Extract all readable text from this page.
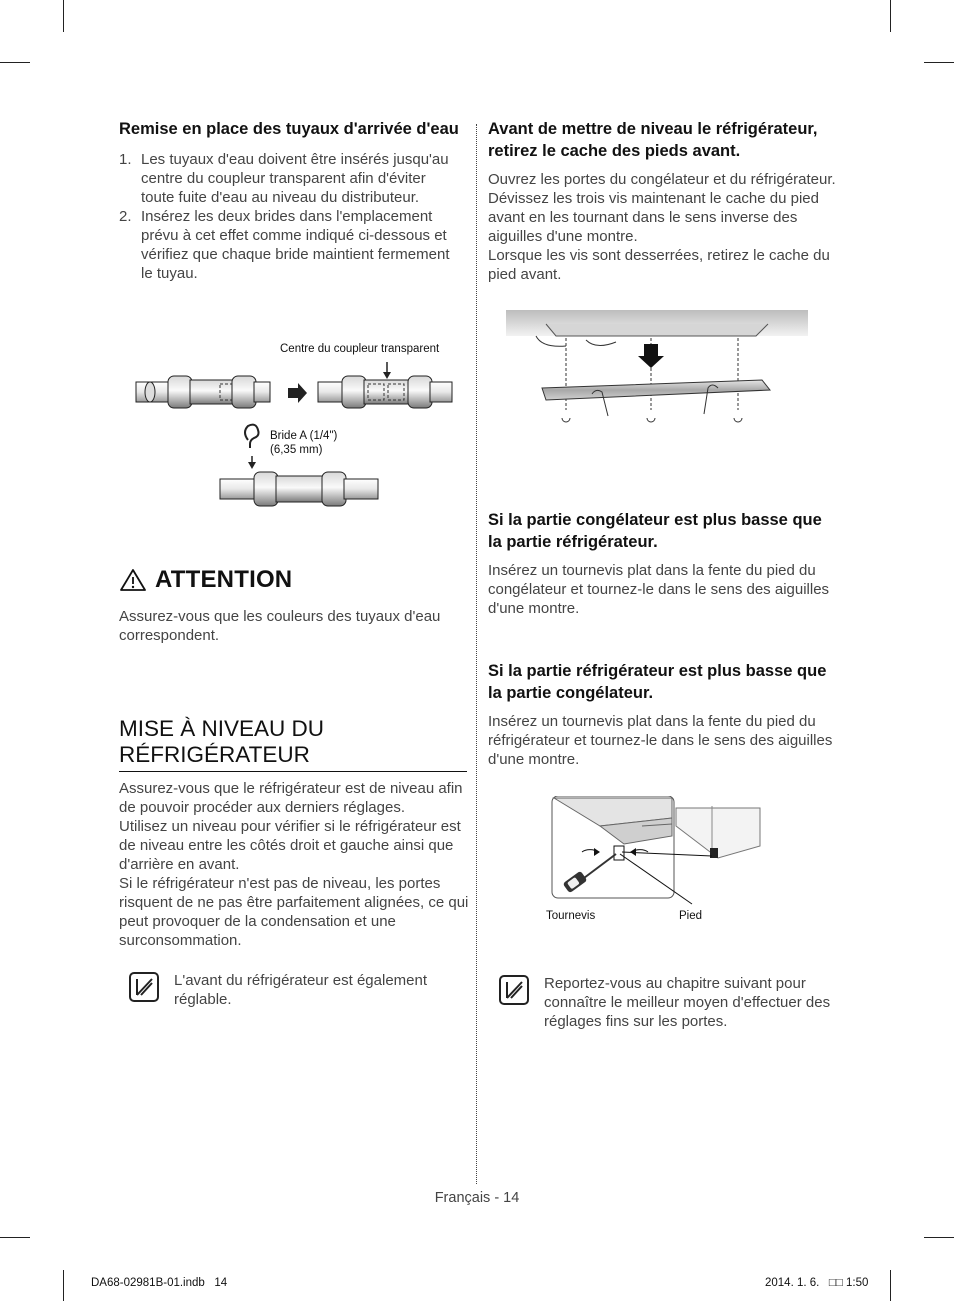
Remise en place des tuyaux d'arrivée d'eau
1. Les tuyaux d'eau doivent être insérés jusqu'au centre du coupleur transparent afin d'éviter toute fuite d'eau au niveau du distributeur.
2. Insérez les deux brides dans l'emplacement prévu à cet effet comme indiqué ci-dessous et vérifiez que chaque bride maintient fermement le tuyau.
Centre du coupleur transparent
Bride A (1/4")
(6,35 mm)
ATTENTION

Assurez-vous que les couleurs des tuyaux d'eau correspondent.

MISE À NIVEAU DU RÉFRIGÉRATEUR

Assurez-vous que le réfrigérateur est de niveau afin de pouvoir procéder aux derniers réglages.

Utilisez un niveau pour vérifier si le réfrigérateur est de niveau entre les côtés droit et gauche ainsi que d'arrière en avant.

Si le réfrigérateur n'est pas de niveau, les portes risquent de ne pas être parfaitement alignées, ce qui peut provoquer de la condensation et une surconsommation.

L'avant du réfrigérateur est également réglable.

Avant de mettre de niveau le réfrigérateur, retirez le cache des pieds avant.

Ouvrez les portes du congélateur et du réfrigérateur. Dévissez les trois vis maintenant le cache du pied avant en les tournant dans le sens inverse des aiguilles d'une montre.

Lorsque les vis sont desserrées, retirez le cache du pied avant.

Si la partie congélateur est plus basse que la partie réfrigérateur.

Insérez un tournevis plat dans la fente du pied du congélateur et tournez-le dans le sens des aiguilles d'une montre.

Si la partie réfrigérateur est plus basse que la partie congélateur.

Insérez un tournevis plat dans la fente du pied du réfrigérateur et tournez-le dans le sens des aiguilles d'une montre.

Tournevis	Pied

Reportez-vous au chapitre suivant pour connaître le meilleur moyen d'effectuer des réglages fins sur les portes.

Français - 14
DA68-02981B-01.indb   14	2014. 1. 6.   □□ 1:50
